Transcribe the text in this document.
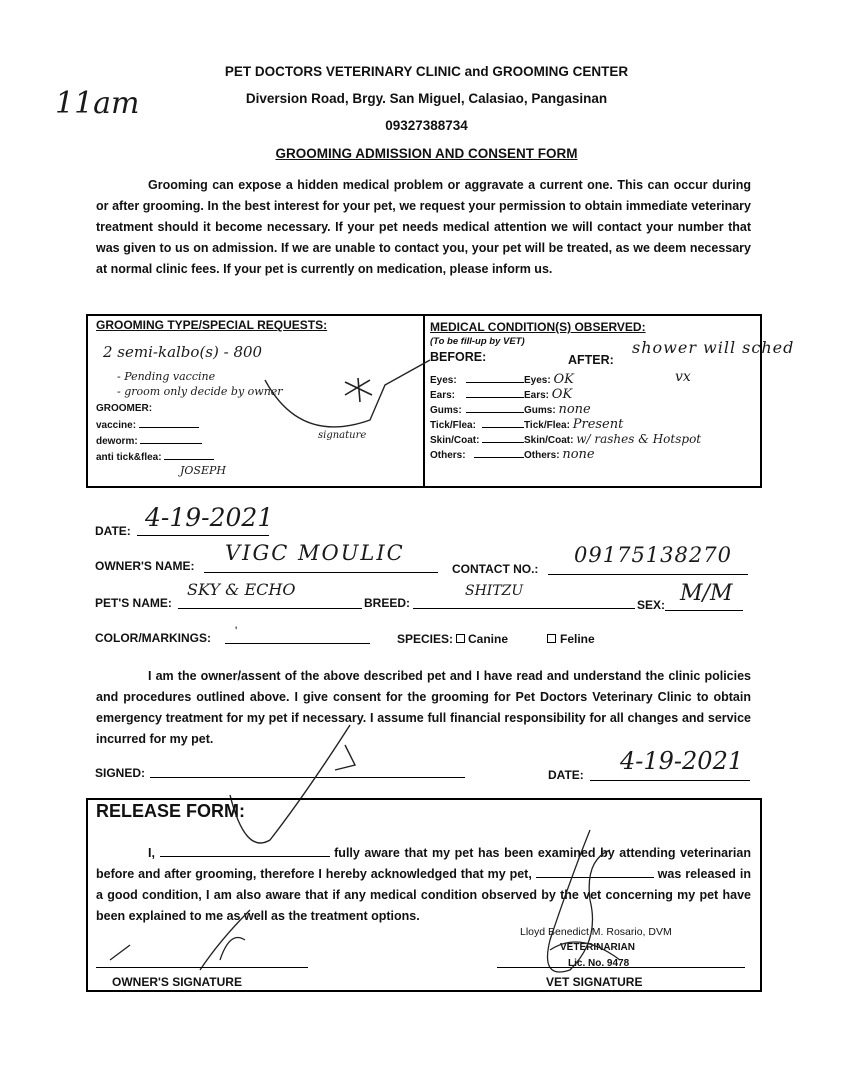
11am
PET DOCTORS VETERINARY CLINIC and GROOMING CENTER
Diversion Road, Brgy. San Miguel, Calasiao, Pangasinan
09327388734
GROOMING ADMISSION AND CONSENT FORM
Grooming can expose a hidden medical problem or aggravate a current one. This can occur during or after grooming. In the best interest for your pet, we request your permission to obtain immediate veterinary treatment should it become necessary. If your pet needs medical attention we will contact your number that was given to us on admission. If we are unable to contact you, your pet will be treated, as we deem necessary at normal clinic fees. If your pet is currently on medication, please inform us.
GROOMING TYPE/SPECIAL REQUESTS:
2 semi-kalbo(s) - 800
- Pending vaccine
- groom only decide by owner
GROOMER:
vaccine:
deworm:
anti tick&flea:
JOSEPH
signature
MEDICAL CONDITION(S) OBSERVED:
(To be fill-up by VET)
BEFORE:	AFTER:
shower will sched
vx
Eyes:	Eyes: OK
Ears:	Ears: OK
Gums:	Gums: none
Tick/Flea:	Tick/Flea: Present
Skin/Coat:	Skin/Coat: w/ rashes & Hotspot
Others:	Others: none
DATE: 4-19-2021
OWNER'S NAME:
VIGC MOULIC
CONTACT NO.:
09175138270
PET'S NAME:
SKY & ECHO
BREED:
SHITZU
SEX: M/M
COLOR/MARKINGS: '
SPECIES: Canine	Feline
I am the owner/assent of the above described pet and I have read and understand the clinic policies and procedures outlined above. I give consent for the grooming for Pet Doctors Veterinary Clinic to obtain emergency treatment for my pet if necessary. I assume full financial responsibility for all changes and service incurred for my pet.
SIGNED:	DATE: 4-19-2021
RELEASE FORM:
I,	fully aware that my pet has been examined by attending veterinarian before and after grooming, therefore I hereby acknowledged that my pet,	was released in a good condition, I am also aware that if any medical condition observed by the vet concerning my pet have been explained to me as well as the treatment options.
Lloyd Benedict M. Rosario, DVM
VETERINARIAN
Lic. No. 9478
OWNER'S SIGNATURE	VET SIGNATURE
